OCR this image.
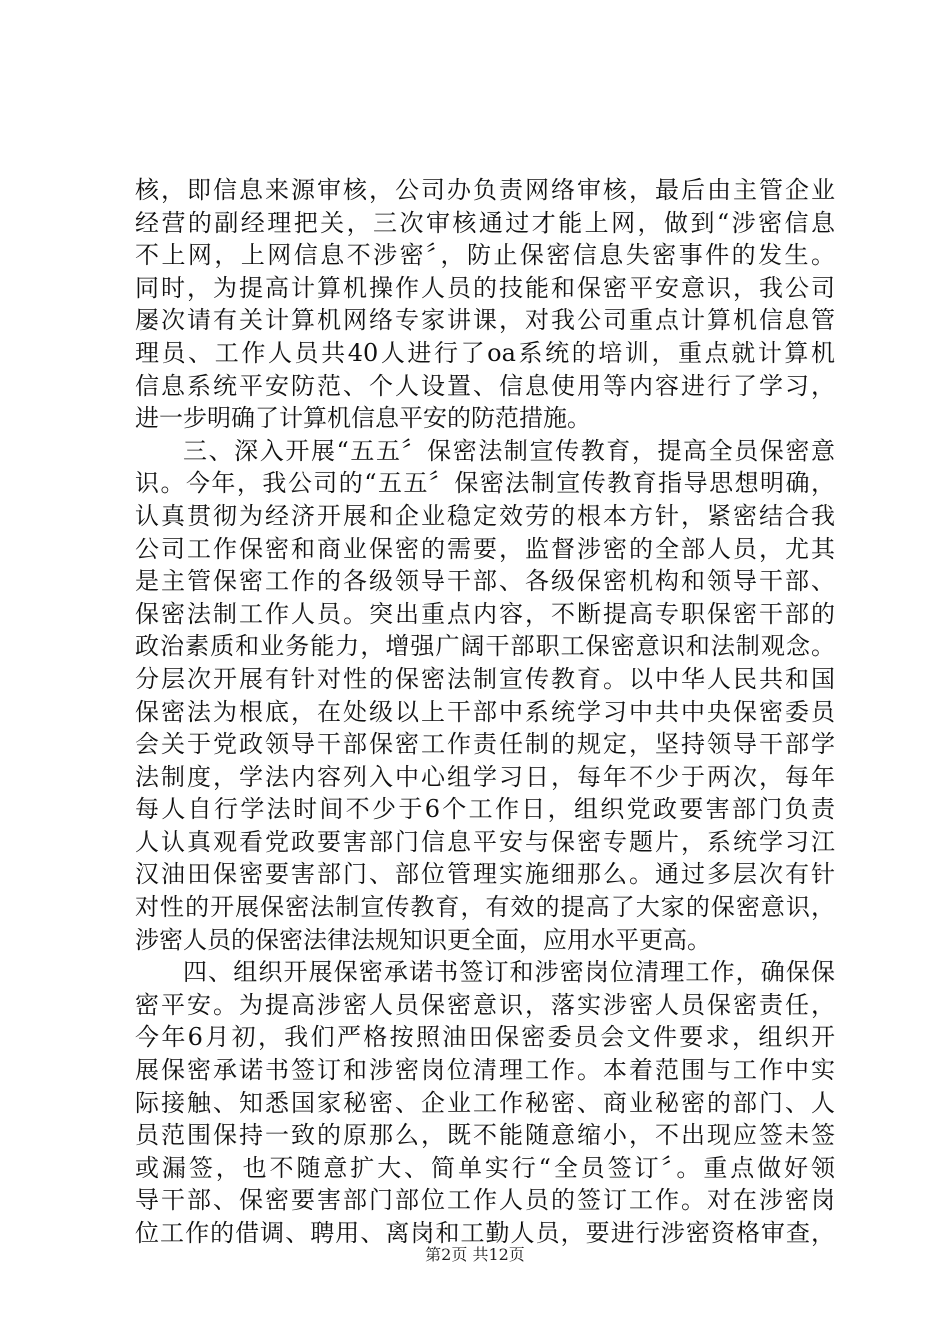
核，即信息来源审核，公司办负责网络审核，最后由主管企业
经营的副经理把关，三次审核通过才能上网，做到“涉密信息
不上网，上网信息不涉密〞，防止保密信息失密事件的发生。
同时，为提高计算机操作人员的技能和保密平安意识，我公司
屡次请有关计算机网络专家讲课，对我公司重点计算机信息管
理员、工作人员共40人进行了oa系统的培训，重点就计算机
信息系统平安防范、个人设置、信息使用等内容进行了学习，
进一步明确了计算机信息平安的防范措施。
三、深入开展“五五〞保密法制宣传教育，提高全员保密意
识。今年，我公司的“五五〞保密法制宣传教育指导思想明确，
认真贯彻为经济开展和企业稳定效劳的根本方针，紧密结合我
公司工作保密和商业保密的需要，监督涉密的全部人员，尤其
是主管保密工作的各级领导干部、各级保密机构和领导干部、
保密法制工作人员。突出重点内容，不断提高专职保密干部的
政治素质和业务能力，增强广阔干部职工保密意识和法制观念。
分层次开展有针对性的保密法制宣传教育。以中华人民共和国
保密法为根底，在处级以上干部中系统学习中共中央保密委员
会关于党政领导干部保密工作责任制的规定，坚持领导干部学
法制度，学法内容列入中心组学习日，每年不少于两次，每年
每人自行学法时间不少于6个工作日，组织党政要害部门负责
人认真观看党政要害部门信息平安与保密专题片，系统学习江
汉油田保密要害部门、部位管理实施细那么。通过多层次有针
对性的开展保密法制宣传教育，有效的提高了大家的保密意识，
涉密人员的保密法律法规知识更全面，应用水平更高。
四、组织开展保密承诺书签订和涉密岗位清理工作，确保保
密平安。为提高涉密人员保密意识，落实涉密人员保密责任，
今年6月初，我们严格按照油田保密委员会文件要求，组织开
展保密承诺书签订和涉密岗位清理工作。本着范围与工作中实
际接触、知悉国家秘密、企业工作秘密、商业秘密的部门、人
员范围保持一致的原那么，既不能随意缩小，不出现应签未签
或漏签，也不随意扩大、简单实行“全员签订〞。重点做好领
导干部、保密要害部门部位工作人员的签订工作。对在涉密岗
位工作的借调、聘用、离岗和工勤人员，要进行涉密资格审查，
第2页 共12页
